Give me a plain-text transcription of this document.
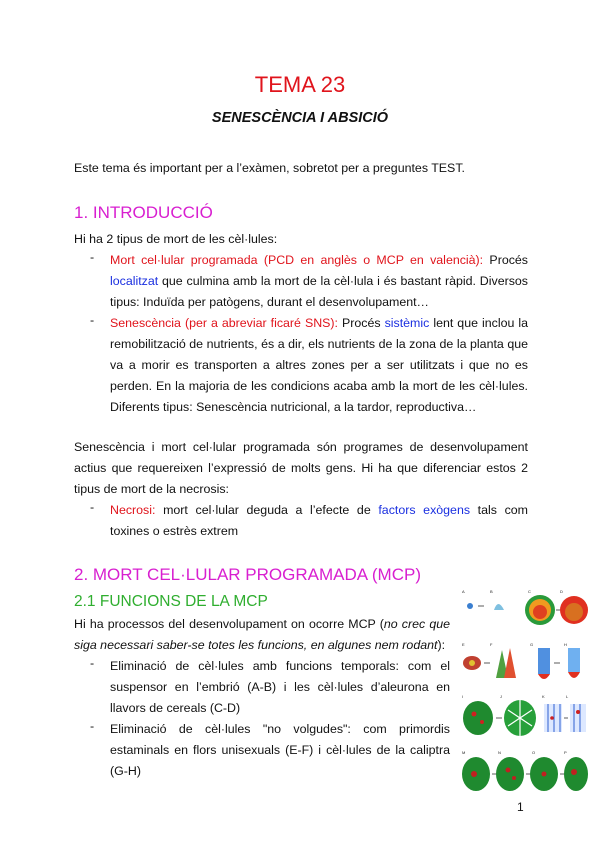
TEMA 23
SENESCÈNCIA I ABSICIÓ
Este tema és important per a l’exàmen, sobretot per a preguntes TEST.
1. INTRODUCCIÓ
Hi ha 2 tipus de mort de les cèl·lules:
- Mort cel·lular programada (PCD en anglès o MCP en valencià): Procés localitzat que culmina amb la mort de la cèl·lula i és bastant ràpid. Diversos tipus: Induïda per patògens, durant el desenvolupament…
- Senescència (per a abreviar ficaré SNS): Procés sistèmic lent que inclou la remobilització de nutrients, és a dir, els nutrients de la zona de la planta que va a morir es transporten a altres zones per a ser utilitzats i que no es perden. En la majoria de les condicions acaba amb la mort de les cèl·lules. Diferents tipus: Senescència nutricional, a la tardor, reproductiva…
Senescència i mort cel·lular programada són programes de desenvolupament actius que requereixen l’expressió de molts gens. Hi ha que diferenciar estos 2 tipus de mort de la necrosis:
- Necrosi: mort cel·lular deguda a l’efecte de factors exògens tals com toxines o estrès extrem
2. MORT CEL·LULAR PROGRAMADA (MCP)
2.1 FUNCIONS DE LA MCP
Hi ha processos del desenvolupament on ocorre MCP (no crec que siga necessari saber-se totes les funcions, en algunes nem rodant):
- Eliminació de cèl·lules amb funcions temporals: com el suspensor en l’embrió (A-B) i les cèl·lules d’aleurona en llavors de cereals (C-D)
- Eliminació de cèl·lules "no volgudes": com primordis estaminals en flors unisexuals (E-F) i cèl·lules de la caliptra (G-H)
A	B	C	D
E	F	G	H
I	J	K	L
M	N	O	P
1
